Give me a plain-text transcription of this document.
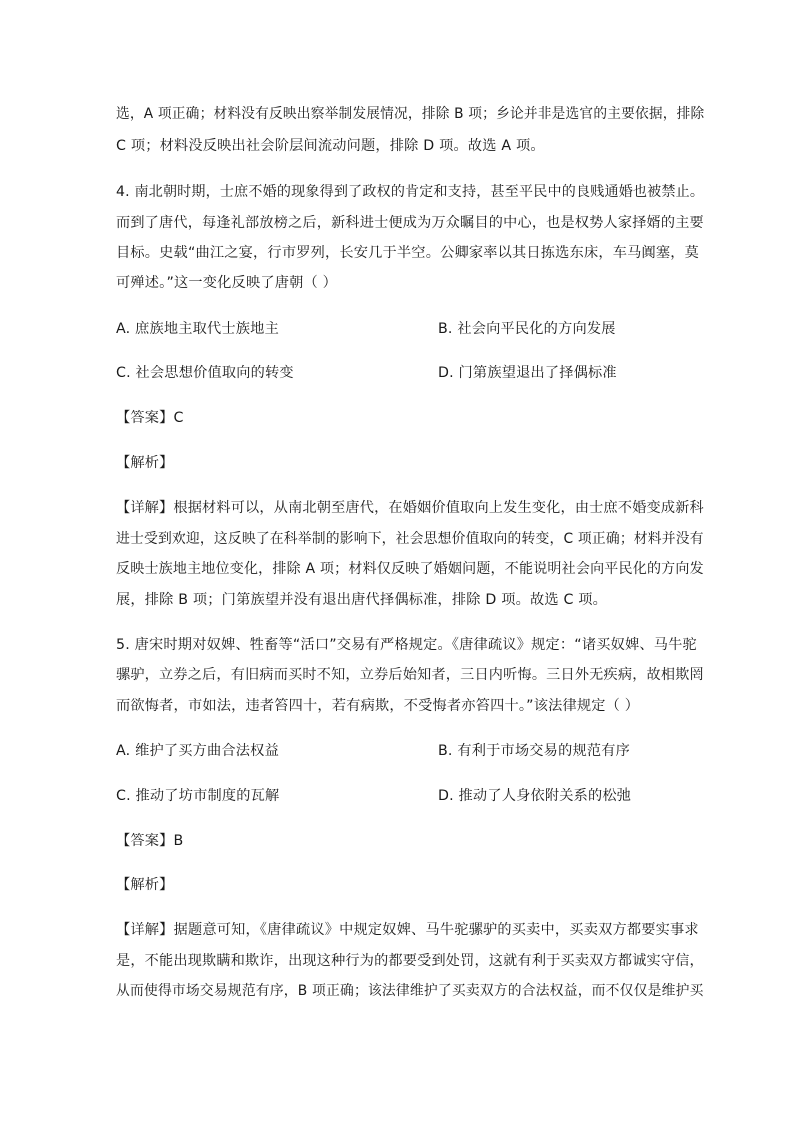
选，A 项正确；材料没有反映出察举制发展情况，排除 B 项；乡论并非是选官的主要依据，排除
C 项；材料没反映出社会阶层间流动问题，排除 D 项。故选 A 项。
4. 南北朝时期，士庶不婚的现象得到了政权的肯定和支持，甚至平民中的良贱通婚也被禁止。
而到了唐代，每逢礼部放榜之后，新科进士便成为万众瞩目的中心，也是权势人家择婿的主要
目标。史载“曲江之宴，行市罗列，长安几于半空。公卿家率以其日拣选东床，车马阗塞，莫
可殚述。”这一变化反映了唐朝（ ）
A. 庶族地主取代士族地主	B. 社会向平民化的方向发展
C. 社会思想价值取向的转变	D. 门第族望退出了择偶标准
【答案】C
【解析】
【详解】根据材料可以，从南北朝至唐代，在婚姻价值取向上发生变化，由士庶不婚变成新科
进士受到欢迎，这反映了在科举制的影响下，社会思想价值取向的转变，C 项正确；材料并没有
反映士族地主地位变化，排除 A 项；材料仅反映了婚姻问题，不能说明社会向平民化的方向发
展，排除 B 项；门第族望并没有退出唐代择偶标准，排除 D 项。故选 C 项。
5. 唐宋时期对奴婢、牲畜等“活口”交易有严格规定。《唐律疏议》规定：“诸买奴婢、马牛驼
骡驴，立券之后，有旧病而买时不知，立券后始知者，三日内听悔。三日外无疾病，故相欺罔
而欲悔者，市如法，违者笞四十，若有病欺，不受悔者亦笞四十。”该法律规定（ ）
A. 维护了买方曲合法权益	B. 有利于市场交易的规范有序
C. 推动了坊市制度的瓦解	D. 推动了人身依附关系的松弛
【答案】B
【解析】
【详解】据题意可知，《唐律疏议》中规定奴婢、马牛驼骡驴的买卖中，买卖双方都要实事求
是，不能出现欺瞒和欺诈，出现这种行为的都要受到处罚，这就有利于买卖双方都诚实守信，
从而使得市场交易规范有序，B 项正确；该法律维护了买卖双方的合法权益，而不仅仅是维护买
